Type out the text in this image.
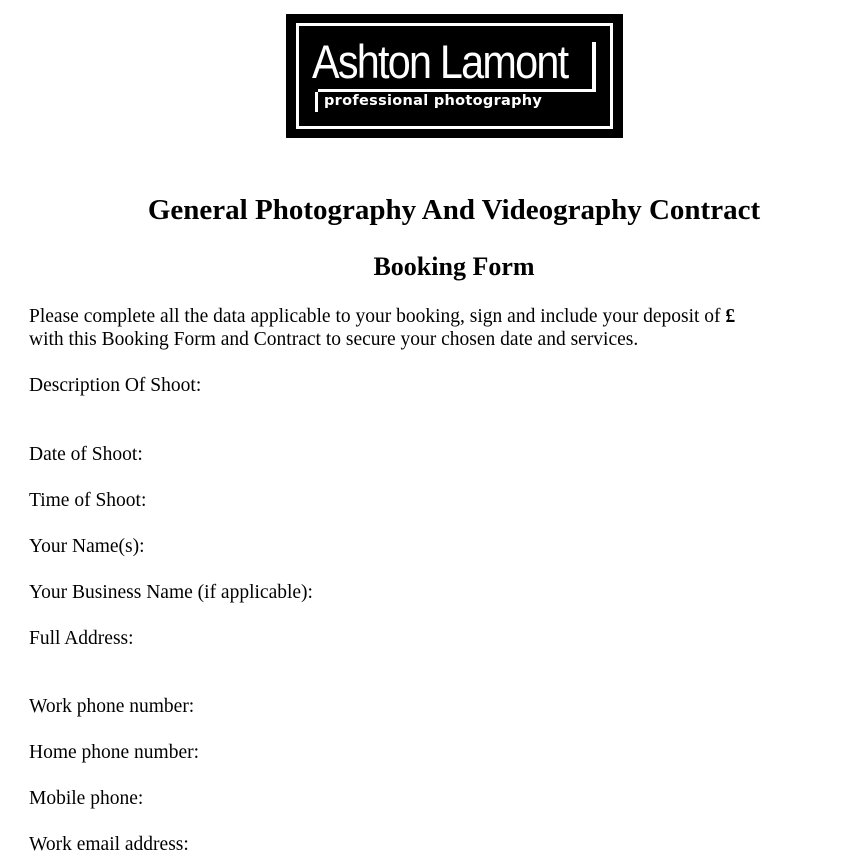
Ashton Lamont
professional photography
General Photography And Videography Contract
Booking Form

Please complete all the data applicable to your booking, sign and include your deposit of £
with this Booking Form and Contract to secure your chosen date and services.

Description Of Shoot:

Date of Shoot:

Time of Shoot:

Your Name(s):

Your Business Name (if applicable):

Full Address:

Work phone number:

Home phone number:

Mobile phone:

Work email address:
